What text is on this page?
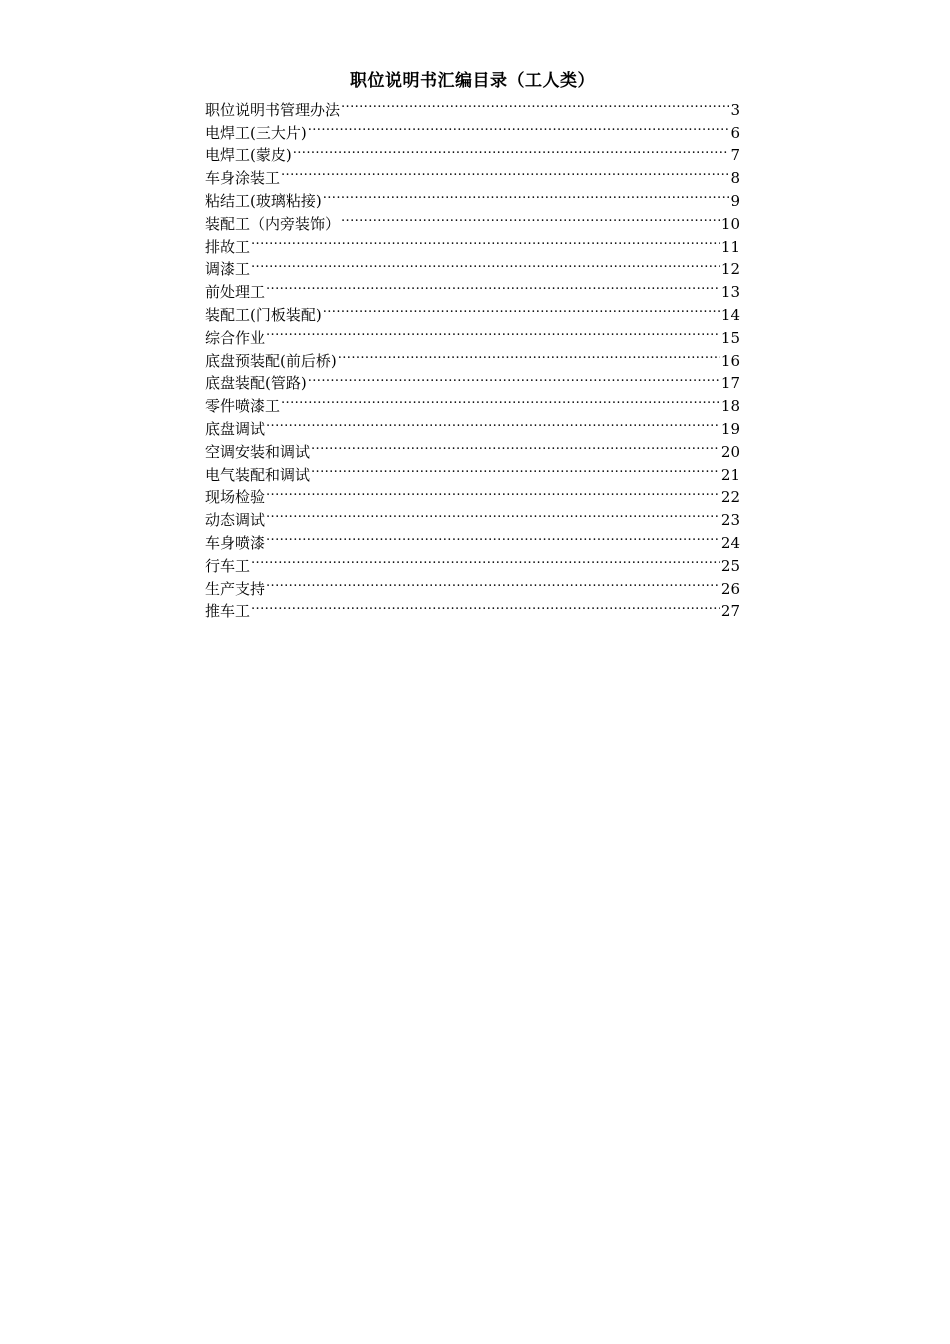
职位说明书汇编目录（工人类）
职位说明书管理办法 .....	3
电焊工(三大片) .....	6
电焊工(蒙皮) .....	7
车身涂装工 .....	8
粘结工(玻璃粘接) .....	9
装配工（内旁装饰） .....	10
排故工 .....	11
调漆工 .....	12
前处理工 .....	13
装配工(门板装配) .....	14
综合作业 .....	15
底盘预装配(前后桥) .....	16
底盘装配(管路) .....	17
零件喷漆工 .....	18
底盘调试 .....	19
空调安装和调试 .....	20
电气装配和调试 .....	21
现场检验 .....	22
动态调试 .....	23
车身喷漆 .....	24
行车工 .....	25
生产支持 .....	26
推车工 .....	27
